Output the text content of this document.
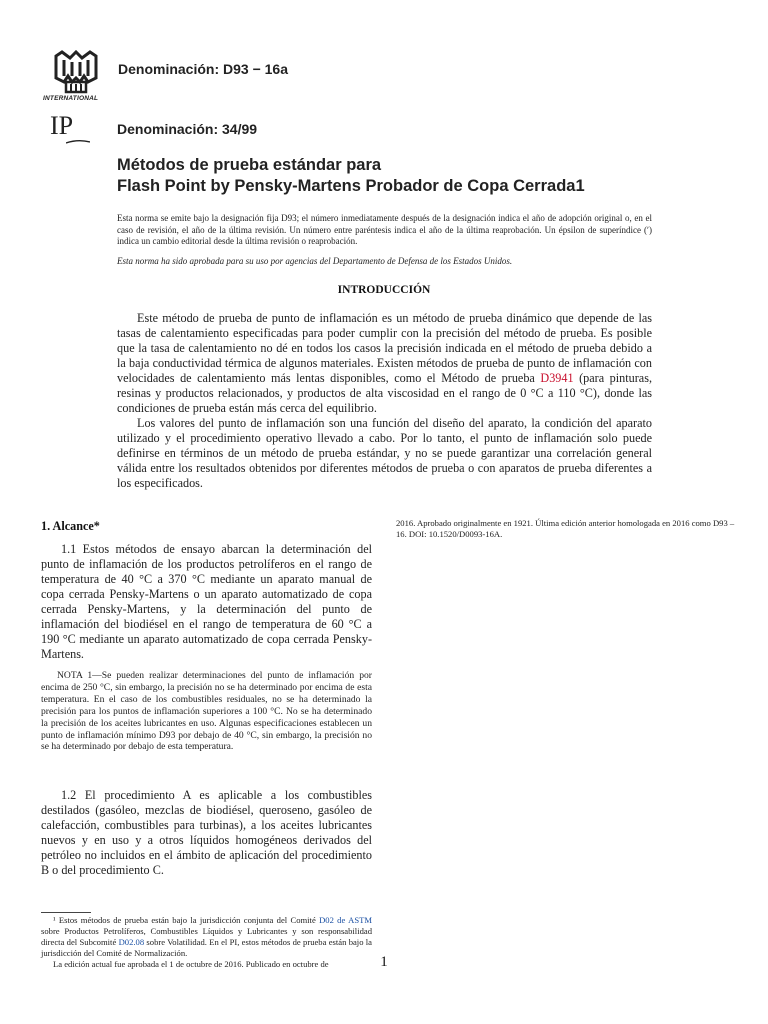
INTERNATIONAL
Denominación: D93 − 16a
IP	Denominación: 34/99
Métodos de prueba estándar para
Flash Point by Pensky-Martens Probador de Copa Cerrada1
Esta norma se emite bajo la designación fija D93; el número inmediatamente después de la designación indica el año de adopción original o, en el caso de revisión, el año de la última revisión. Un número entre paréntesis indica el año de la última reaprobación. Un épsilon de superíndice (ʹ) indica un cambio editorial desde la última revisión o reaprobación.
Esta norma ha sido aprobada para su uso por agencias del Departamento de Defensa de los Estados Unidos.
INTRODUCCIÓN

Este método de prueba de punto de inflamación es un método de prueba dinámico que depende de las tasas de calentamiento especificadas para poder cumplir con la precisión del método de prueba. Es posible que la tasa de calentamiento no dé en todos los casos la precisión indicada en el método de prueba debido a la baja conductividad térmica de algunos materiales. Existen métodos de prueba de punto de inflamación con velocidades de calentamiento más lentas disponibles, como el Método de prueba D3941 (para pinturas, resinas y productos relacionados, y productos de alta viscosidad en el rango de 0 °C a 110 °C), donde las condiciones de prueba están más cerca del equilibrio.

Los valores del punto de inflamación son una función del diseño del aparato, la condición del aparato utilizado y el procedimiento operativo llevado a cabo. Por lo tanto, el punto de inflamación solo puede definirse en términos de un método de prueba estándar, y no se puede garantizar una correlación general válida entre los resultados obtenidos por diferentes métodos de prueba o con aparatos de prueba diferentes a los especificados.

1. Alcance*

1.1 Estos métodos de ensayo abarcan la determinación del punto de inflamación de los productos petrolíferos en el rango de temperatura de 40 °C a 370 °C mediante un aparato manual de copa cerrada Pensky-Martens o un aparato automatizado de copa cerrada Pensky-Martens, y la determinación del punto de inflamación del biodiésel en el rango de temperatura de 60 °C a 190 °C mediante un aparato automatizado de copa cerrada Pensky-Martens.

NOTA 1—Se pueden realizar determinaciones del punto de inflamación por encima de 250 °C, sin embargo, la precisión no se ha determinado por encima de esta temperatura. En el caso de los combustibles residuales, no se ha determinado la precisión para los puntos de inflamación superiores a 100 °C. No se ha determinado la precisión de los aceites lubricantes en uso. Algunas especificaciones establecen un punto de inflamación mínimo D93 por debajo de 40 °C, sin embargo, la precisión no se ha determinado por debajo de esta temperatura.

1.2 El procedimiento A es aplicable a los combustibles destilados (gasóleo, mezclas de biodiésel, queroseno, gasóleo de calefacción, combustibles para turbinas), a los aceites lubricantes nuevos y en uso y a otros líquidos homogéneos derivados del petróleo no incluidos en el ámbito de aplicación del procedimiento B o del procedimiento C.

¹ Estos métodos de prueba están bajo la jurisdicción conjunta del Comité D02 de ASTM sobre Productos Petrolíferos, Combustibles Líquidos y Lubricantes y son responsabilidad directa del Subcomité D02.08 sobre Volatilidad. En el PI, estos métodos de prueba están bajo la jurisdicción del Comité de Normalización.

La edición actual fue aprobada el 1 de octubre de 2016. Publicado en octubre de

2016. Aprobado originalmente en 1921. Última edición anterior homologada en 2016 como D93 – 16. DOI: 10.1520/D0093-16A.
1
